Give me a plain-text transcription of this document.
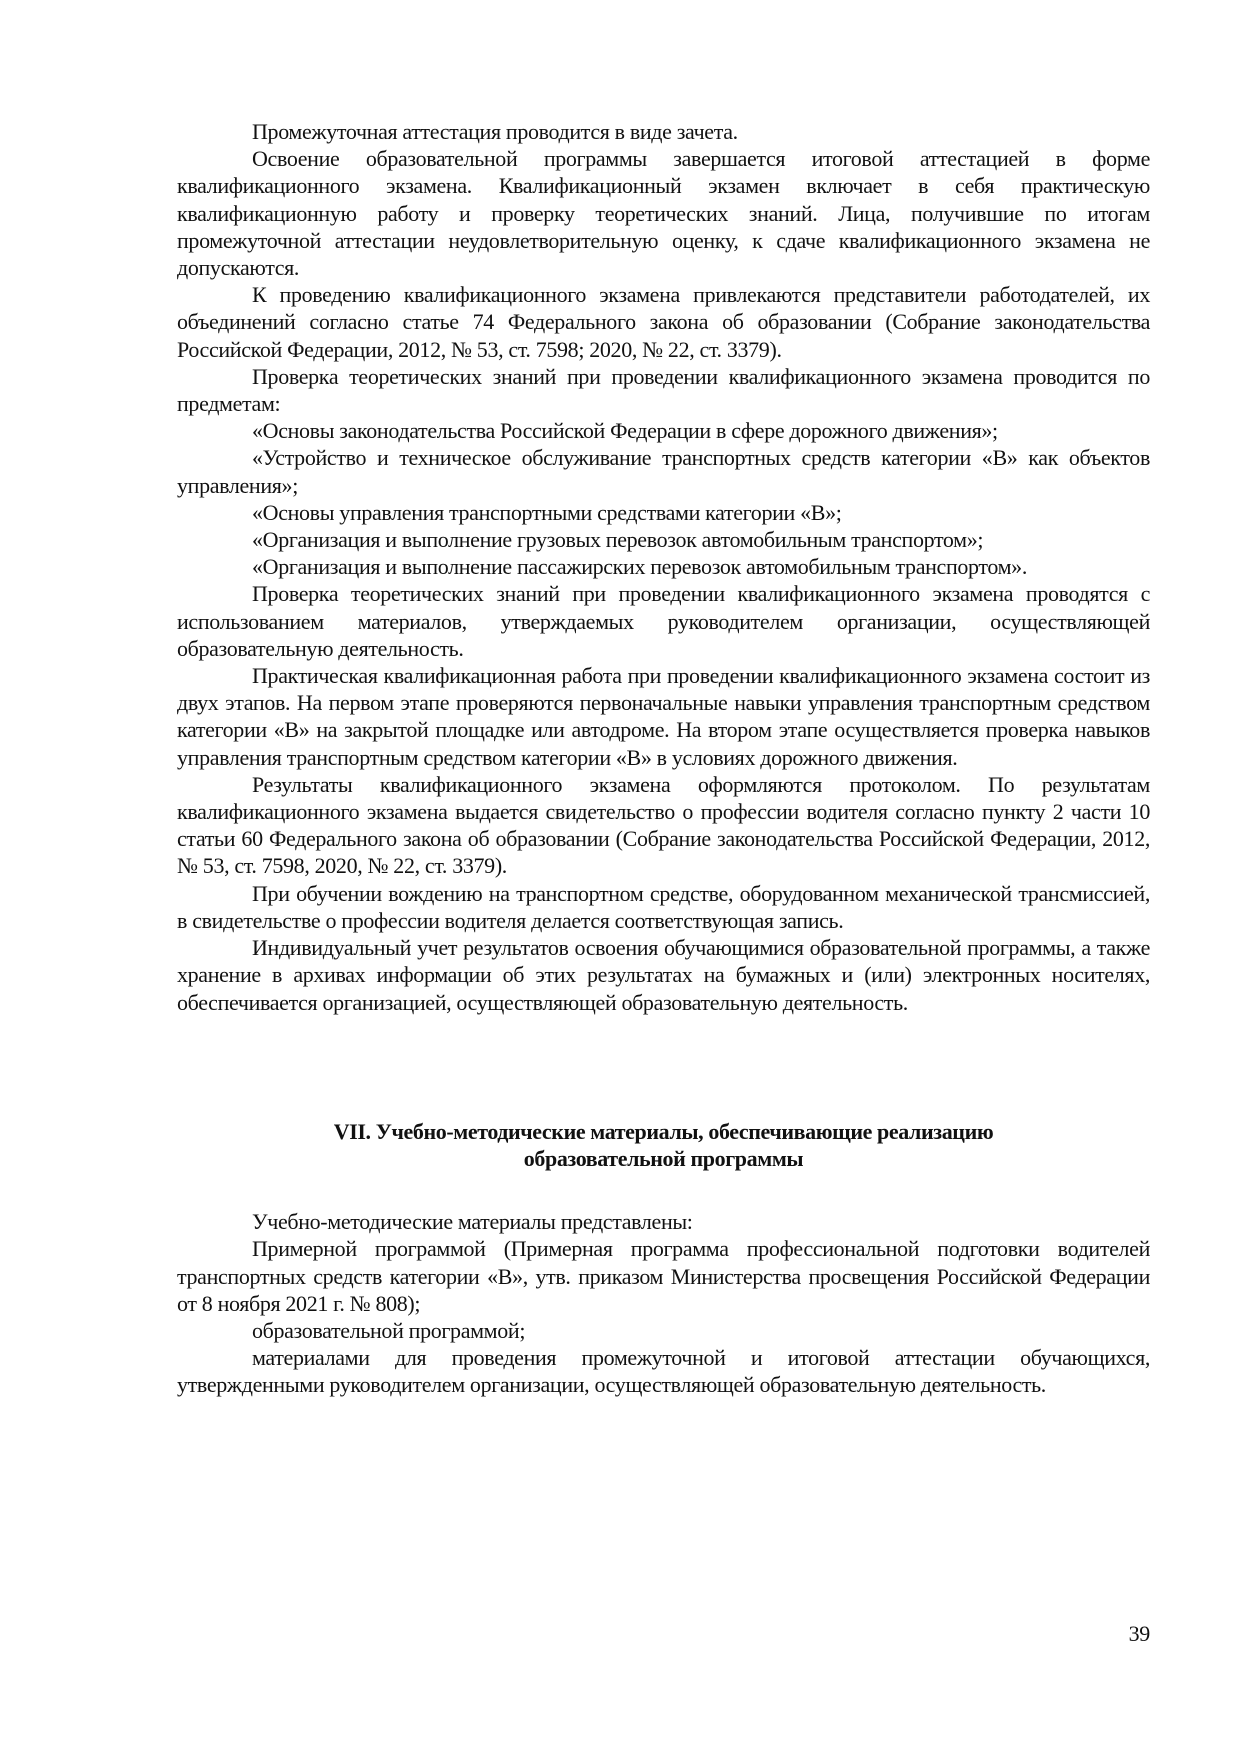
Промежуточная аттестация проводится в виде зачета.

Освоение образовательной программы завершается итоговой аттестацией в форме квалификационного экзамена. Квалификационный экзамен включает в себя практическую квалификационную работу и проверку теоретических знаний. Лица, получившие по итогам промежуточной аттестации неудовлетворительную оценку, к сдаче квалификационного экзамена не допускаются.

К проведению квалификационного экзамена привлекаются представители работодателей, их объединений согласно статье 74 Федерального закона об образовании (Собрание законодательства Российской Федерации, 2012, № 53, ст. 7598; 2020, № 22, ст. 3379).

Проверка теоретических знаний при проведении квалификационного экзамена проводится по предметам:

«Основы законодательства Российской Федерации в сфере дорожного движения»;

«Устройство и техническое обслуживание транспортных средств категории «В» как объектов управления»;

«Основы управления транспортными средствами категории «В»;

«Организация и выполнение грузовых перевозок автомобильным транспортом»;

«Организация и выполнение пассажирских перевозок автомобильным транспортом».

Проверка теоретических знаний при проведении квалификационного экзамена проводятся с использованием материалов, утверждаемых руководителем организации, осуществляющей образовательную деятельность.

Практическая квалификационная работа при проведении квалификационного экзамена состоит из двух этапов. На первом этапе проверяются первоначальные навыки управления транспортным средством категории «В» на закрытой площадке или автодроме. На втором этапе осуществляется проверка навыков управления транспортным средством категории «В» в условиях дорожного движения.

Результаты квалификационного экзамена оформляются протоколом. По результатам квалификационного экзамена выдается свидетельство о профессии водителя согласно пункту 2 части 10 статьи 60 Федерального закона об образовании (Собрание законодательства Российской Федерации, 2012, № 53, ст. 7598, 2020, № 22, ст. 3379).

При обучении вождению на транспортном средстве, оборудованном механической трансмиссией, в свидетельстве о профессии водителя делается соответствующая запись.

Индивидуальный учет результатов освоения обучающимися образовательной программы, а также хранение в архивах информации об этих результатах на бумажных и (или) электронных носителях, обеспечивается организацией, осуществляющей образовательную деятельность.

VII. Учебно-методические материалы, обеспечивающие реализацию

образовательной программы

Учебно-методические материалы представлены:

Примерной программой (Примерная программа профессиональной подготовки водителей транспортных средств категории «В», утв. приказом Министерства просвещения Российской Федерации от 8 ноября 2021 г. № 808);

образовательной программой;

материалами для проведения промежуточной и итоговой аттестации обучающихся, утвержденными руководителем организации, осуществляющей образовательную деятельность.

39
